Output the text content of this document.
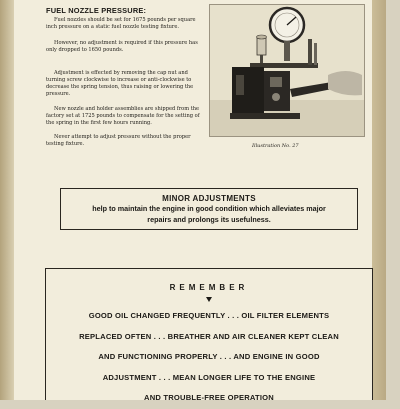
FUEL NOZZLE PRESSURE:
Fuel nozzles should be set for 1675 pounds per square inch pressure on a static fuel nozzle testing fixture.
However, no adjustment is required if this pressure has only dropped to 1650 pounds.
Adjustment is effected by removing the cap nut and turning screw clockwise to increase or anti-clockwise to decrease the spring tension, thus raising or lowering the pressure.
New nozzle and holder assemblies are shipped from the factory set at 1725 pounds to compensate for the setting of the spring in the first few hours running.
Never attempt to adjust pressure without the proper testing fixture.	Illustration No. 27
MINOR ADJUSTMENTS
help to maintain the engine in good condition which alleviates major
repairs and prolongs its usefulness.
REMEMBER
GOOD OIL CHANGED FREQUENTLY . . . OIL FILTER ELEMENTS
REPLACED OFTEN . . . BREATHER AND AIR CLEANER KEPT CLEAN
AND FUNCTIONING PROPERLY . . . AND ENGINE IN GOOD
ADJUSTMENT . . . MEAN LONGER LIFE TO THE ENGINE
AND TROUBLE-FREE OPERATION
